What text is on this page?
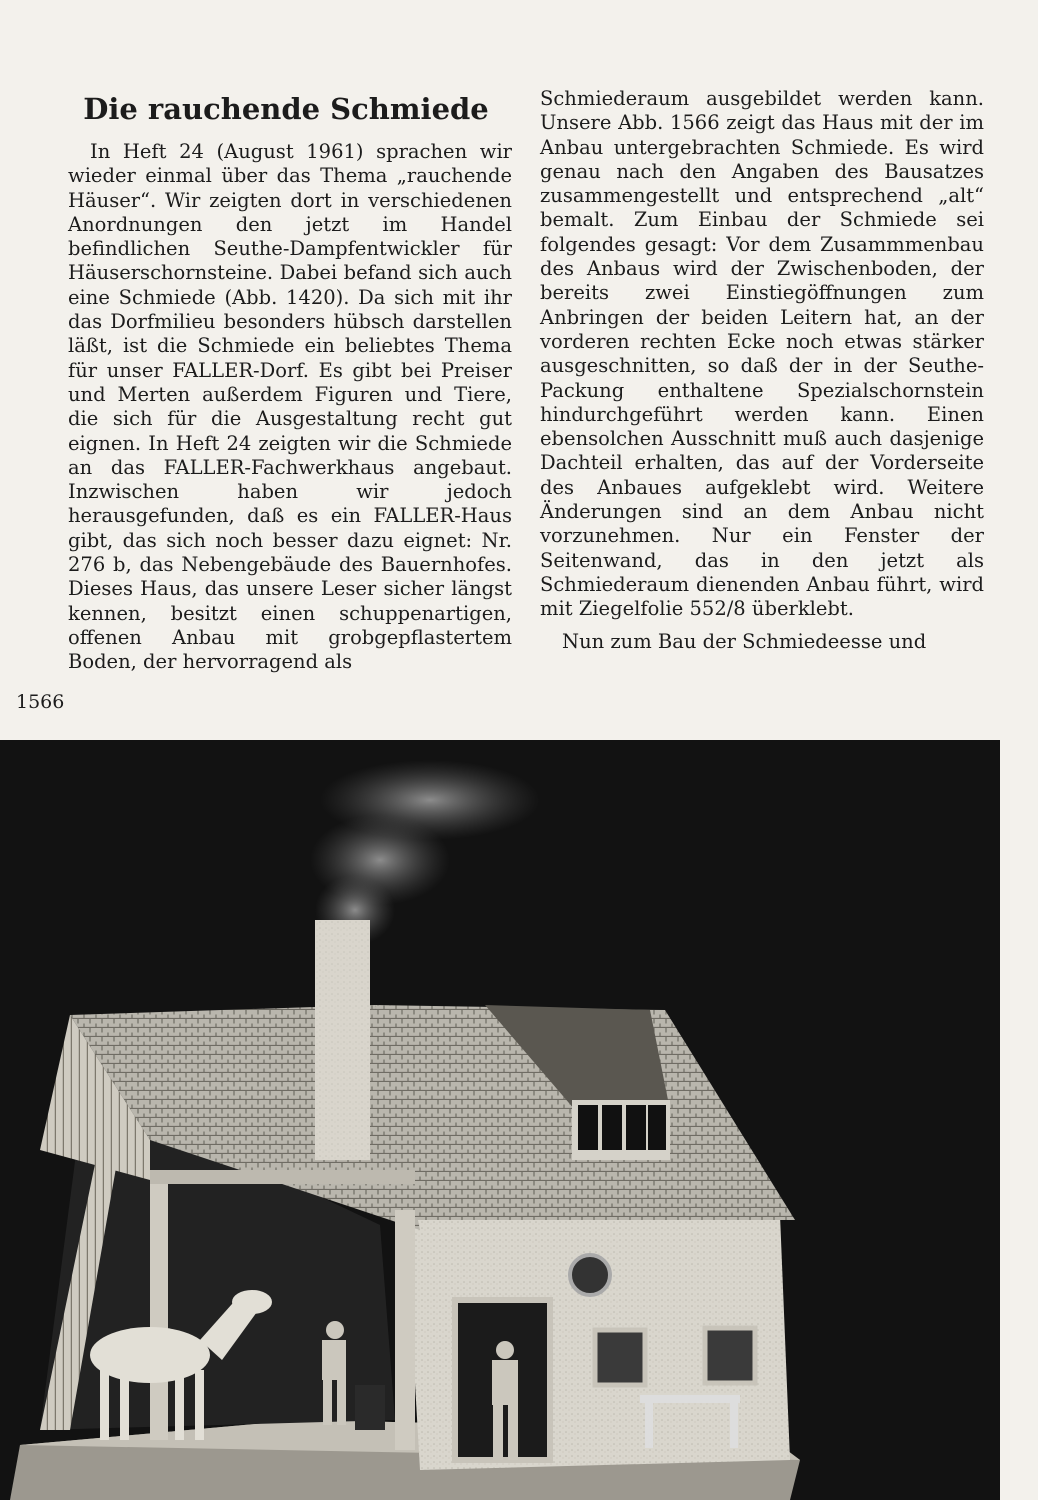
Die rauchende Schmiede

In Heft 24 (August 1961) sprachen wir wieder einmal über das Thema „rauchende Häuser“. Wir zeigten dort in verschiedenen Anordnungen den jetzt im Handel befindlichen Seuthe-Dampfentwickler für Häuserschornsteine. Dabei befand sich auch eine Schmiede (Abb. 1420). Da sich mit ihr das Dorfmilieu besonders hübsch darstellen läßt, ist die Schmiede ein beliebtes Thema für unser FALLER-Dorf. Es gibt bei Preiser und Merten außerdem Figuren und Tiere, die sich für die Ausgestaltung recht gut eignen. In Heft 24 zeigten wir die Schmiede an das FALLER-Fachwerkhaus angebaut. Inzwischen haben wir jedoch herausgefunden, daß es ein FALLER-Haus gibt, das sich noch besser dazu eignet: Nr. 276 b, das Nebengebäude des Bauernhofes. Dieses Haus, das unsere Leser sicher längst kennen, besitzt einen schuppenartigen, offenen Anbau mit grobgepflastertem Boden, der hervorragend als

Schmiederaum ausgebildet werden kann. Unsere Abb. 1566 zeigt das Haus mit der im Anbau untergebrachten Schmiede. Es wird genau nach den Angaben des Bausatzes zusammengestellt und entsprechend „alt“ bemalt. Zum Einbau der Schmiede sei folgendes gesagt: Vor dem Zusammmenbau des Anbaus wird der Zwischenboden, der bereits zwei Einstiegöffnungen zum Anbringen der beiden Leitern hat, an der vorderen rechten Ecke noch etwas stärker ausgeschnitten, so daß der in der Seuthe-Packung enthaltene Spezialschornstein hindurchgeführt werden kann. Einen ebensolchen Ausschnitt muß auch dasjenige Dachteil erhalten, das auf der Vorderseite des Anbaues aufgeklebt wird. Weitere Änderungen sind an dem Anbau nicht vorzunehmen. Nur ein Fenster der Seitenwand, das in den jetzt als Schmiederaum dienenden Anbau führt, wird mit Ziegelfolie 552/8 überklebt.

Nun zum Bau der Schmiedeesse und

1566
